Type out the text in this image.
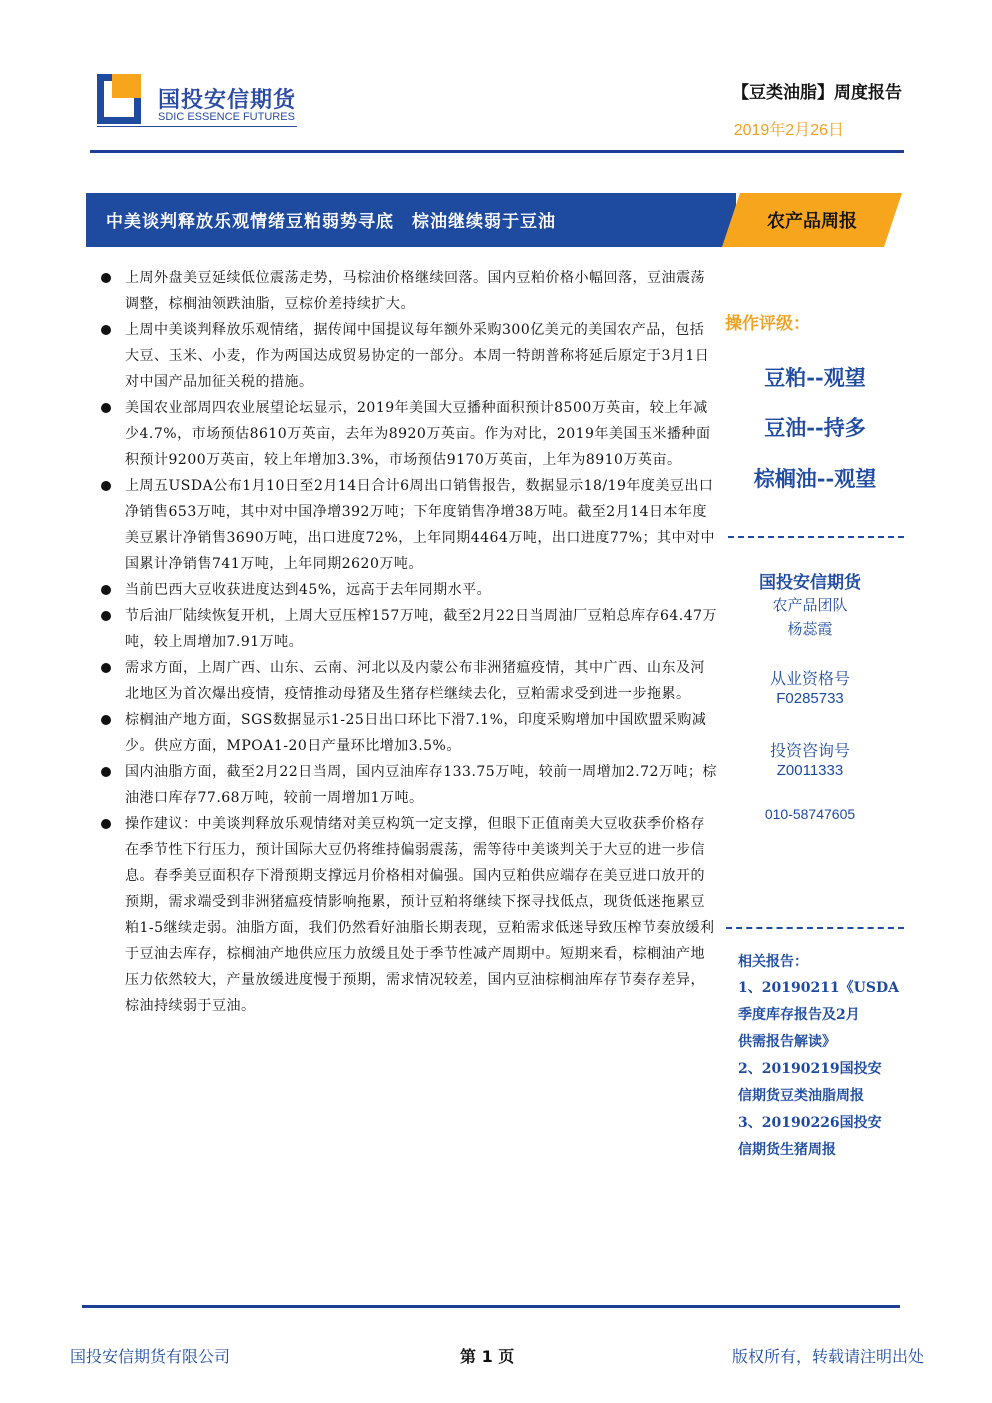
国投安信期货
SDIC ESSENCE FUTURES
【豆类油脂】周度报告
2019年2月26日
中美谈判释放乐观情绪豆粕弱势寻底　棕油继续弱于豆油	农产品周报
上周外盘美豆延续低位震荡走势，马棕油价格继续回落。国内豆粕价格小幅回落，豆油震荡调整，棕榈油领跌油脂，豆棕价差持续扩大。
上周中美谈判释放乐观情绪，据传闻中国提议每年额外采购300亿美元的美国农产品，包括大豆、玉米、小麦，作为两国达成贸易协定的一部分。本周一特朗普称将延后原定于3月1日对中国产品加征关税的措施。
美国农业部周四农业展望论坛显示，2019年美国大豆播种面积预计8500万英亩，较上年减少4.7%，市场预估8610万英亩，去年为8920万英亩。作为对比，2019年美国玉米播种面积预计9200万英亩，较上年增加3.3%，市场预估9170万英亩，上年为8910万英亩。
上周五USDA公布1月10日至2月14日合计6周出口销售报告，数据显示18/19年度美豆出口净销售653万吨，其中对中国净增392万吨；下年度销售净增38万吨。截至2月14日本年度美豆累计净销售3690万吨，出口进度72%，上年同期4464万吨，出口进度77%；其中对中国累计净销售741万吨，上年同期2620万吨。
当前巴西大豆收获进度达到45%，远高于去年同期水平。
节后油厂陆续恢复开机，上周大豆压榨157万吨，截至2月22日当周油厂豆粕总库存64.47万吨，较上周增加7.91万吨。
需求方面，上周广西、山东、云南、河北以及内蒙公布非洲猪瘟疫情，其中广西、山东及河北地区为首次爆出疫情，疫情推动母猪及生猪存栏继续去化，豆粕需求受到进一步拖累。
棕榈油产地方面，SGS数据显示1-25日出口环比下滑7.1%，印度采购增加中国欧盟采购减少。供应方面，MPOA1-20日产量环比增加3.5%。
国内油脂方面，截至2月22日当周，国内豆油库存133.75万吨，较前一周增加2.72万吨；棕油港口库存77.68万吨，较前一周增加1万吨。
操作建议：中美谈判释放乐观情绪对美豆构筑一定支撑，但眼下正值南美大豆收获季价格存在季节性下行压力，预计国际大豆仍将维持偏弱震荡，需等待中美谈判关于大豆的进一步信息。春季美豆面积存下滑预期支撑远月价格相对偏强。国内豆粕供应端存在美豆进口放开的预期，需求端受到非洲猪瘟疫情影响拖累，预计豆粕将继续下探寻找低点，现货低迷拖累豆粕1-5继续走弱。油脂方面，我们仍然看好油脂长期表现，豆粕需求低迷导致压榨节奏放缓利于豆油去库存，棕榈油产地供应压力放缓且处于季节性减产周期中。短期来看，棕榈油产地压力依然较大，产量放缓进度慢于预期，需求情况较差，国内豆油棕榈油库存节奏存差异，棕油持续弱于豆油。
操作评级：
豆粕--观望
豆油--持多
棕榈油--观望
国投安信期货
农产品团队
杨蕊霞
从业资格号
F0285733
投资咨询号
Z0011333
010-58747605
相关报告：
1、20190211《USDA
季度库存报告及2月
供需报告解读》
2、20190219国投安
信期货豆类油脂周报
3、20190226国投安
信期货生猪周报
国投安信期货有限公司	第 1 页	版权所有，转载请注明出处
